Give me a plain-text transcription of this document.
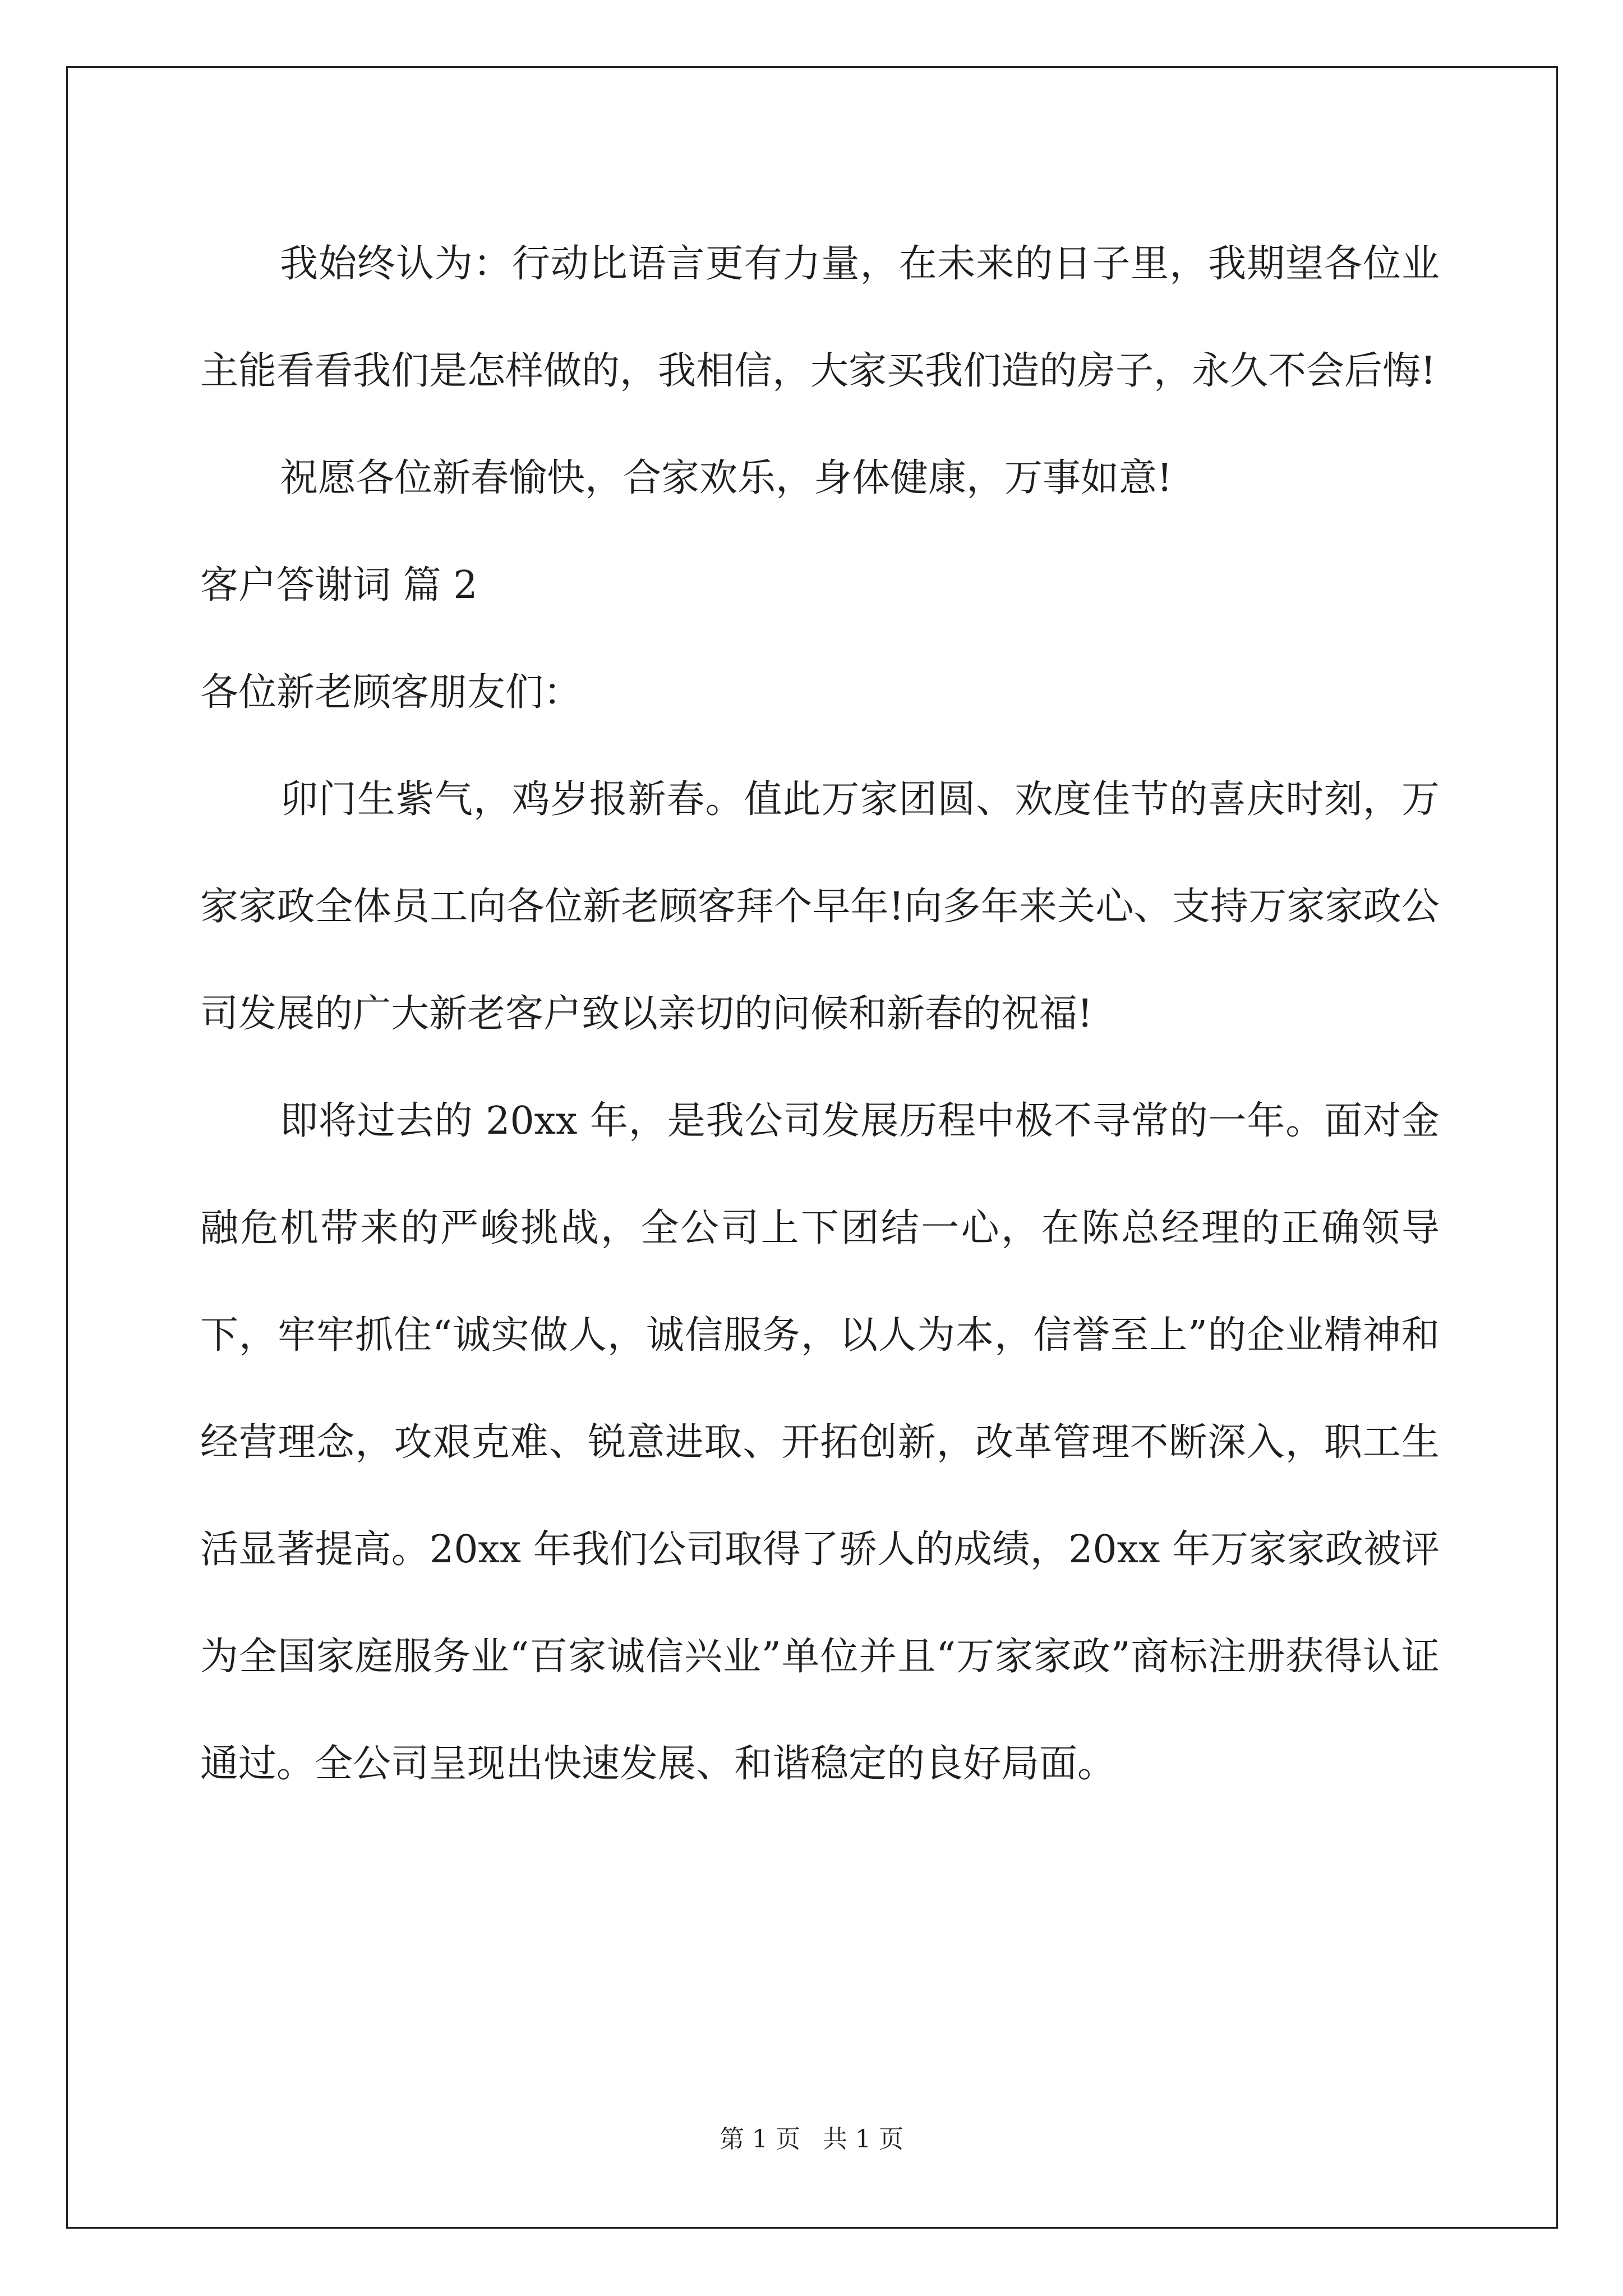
我始终认为：行动比语言更有力量，在未来的日子里，我期望各位业主能看看我们是怎样做的，我相信，大家买我们造的房子，永久不会后悔!

祝愿各位新春愉快，合家欢乐，身体健康，万事如意!

客户答谢词 篇 2

各位新老顾客朋友们：

卯门生紫气，鸡岁报新春。值此万家团圆、欢度佳节的喜庆时刻，万家家政全体员工向各位新老顾客拜个早年!向多年来关心、支持万家家政公司发展的广大新老客户致以亲切的问候和新春的祝福!

即将过去的 20xx 年，是我公司发展历程中极不寻常的一年。面对金融危机带来的严峻挑战，全公司上下团结一心，在陈总经理的正确领导下，牢牢抓住“诚实做人，诚信服务，以人为本，信誉至上”的企业精神和经营理念，攻艰克难、锐意进取、开拓创新，改革管理不断深入，职工生活显著提高。20xx 年我们公司取得了骄人的成绩，20xx 年万家家政被评为全国家庭服务业“百家诚信兴业”单位并且“万家家政”商标注册获得认证通过。全公司呈现出快速发展、和谐稳定的良好局面。

第 1 页 共 1 页
